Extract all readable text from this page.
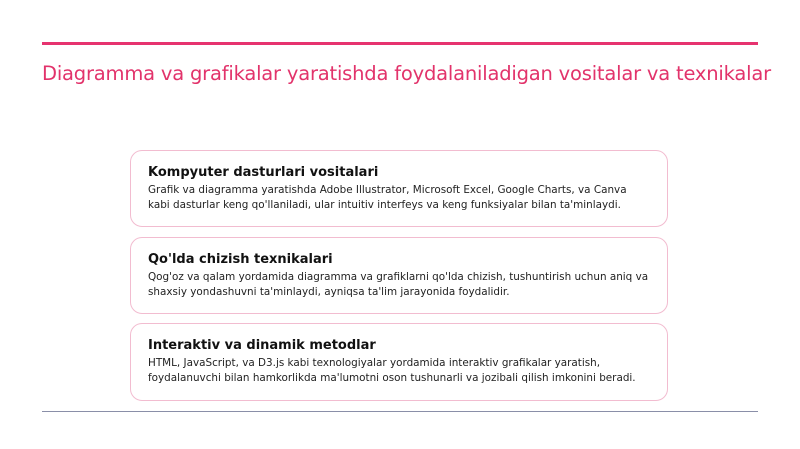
Diagramma va grafikalar yaratishda foydalaniladigan vositalar va texnikalar
Kompyuter dasturlari vositalari

Grafik va diagramma yaratishda Adobe Illustrator, Microsoft Excel, Google Charts, va Canva kabi dasturlar keng qo'llaniladi, ular intuitiv interfeys va keng funksiyalar bilan ta'minlaydi.

Qo'lda chizish texnikalari

Qog'oz va qalam yordamida diagramma va grafiklarni qo'lda chizish, tushuntirish uchun aniq va shaxsiy yondashuvni ta'minlaydi, ayniqsa ta'lim jarayonida foydalidir.

Interaktiv va dinamik metodlar

HTML, JavaScript, va D3.js kabi texnologiyalar yordamida interaktiv grafikalar yaratish, foydalanuvchi bilan hamkorlikda ma'lumotni oson tushunarli va jozibali qilish imkonini beradi.
